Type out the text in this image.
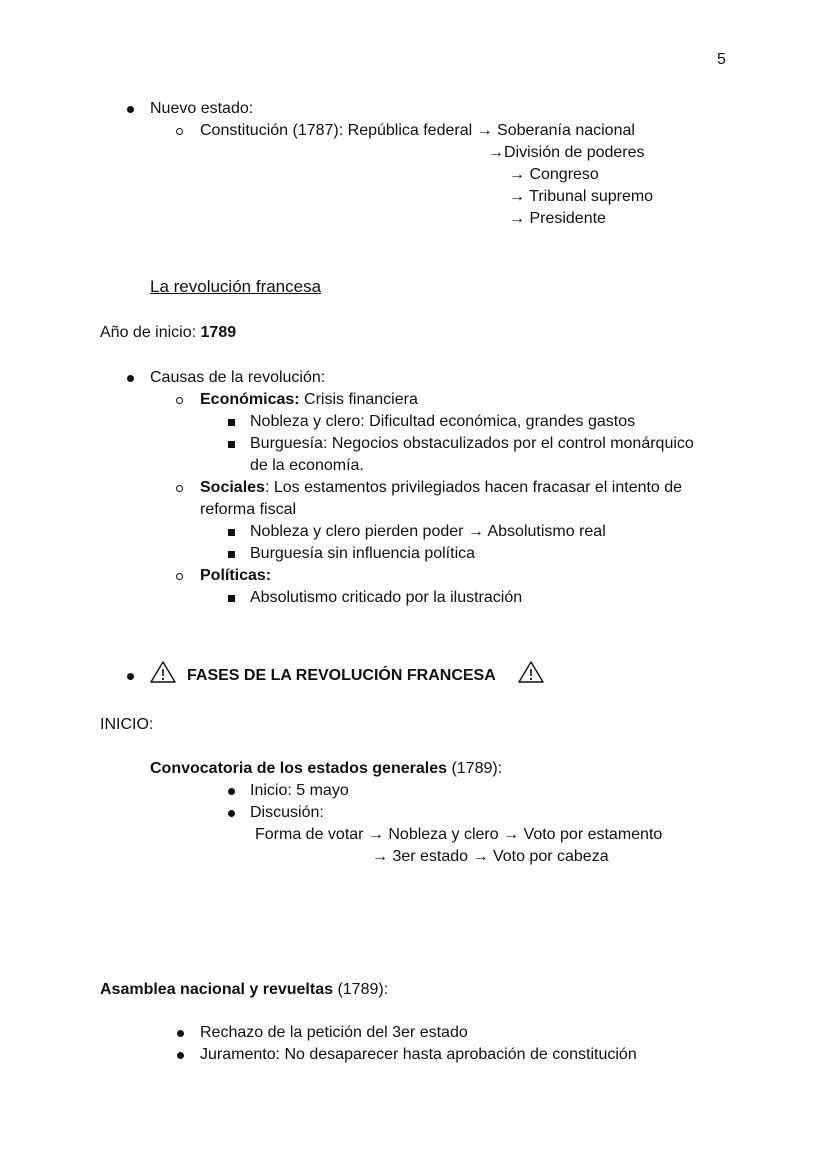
5
Nuevo estado:
Constitución (1787): República federal → Soberanía nacional
→División de poderes
→ Congreso
→ Tribunal supremo
→ Presidente
La revolución francesa
Año de inicio: 1789
Causas de la revolución:
Económicas: Crisis financiera
Nobleza y clero: Dificultad económica, grandes gastos
Burguesía: Negocios obstaculizados por el control monárquico
de la economía.
Sociales: Los estamentos privilegiados hacen fracasar el intento de
reforma fiscal
Nobleza y clero pierden poder → Absolutismo real
Burguesía sin influencia política
Políticas:
Absolutismo criticado por la ilustración
FASES DE LA REVOLUCIÓN FRANCESA
INICIO:
Convocatoria de los estados generales (1789):
Inicio: 5 mayo
Discusión:
Forma de votar → Nobleza y clero → Voto por estamento
→ 3er estado → Voto por cabeza
Asamblea nacional y revueltas (1789):
Rechazo de la petición del 3er estado
Juramento: No desaparecer hasta aprobación de constitución
